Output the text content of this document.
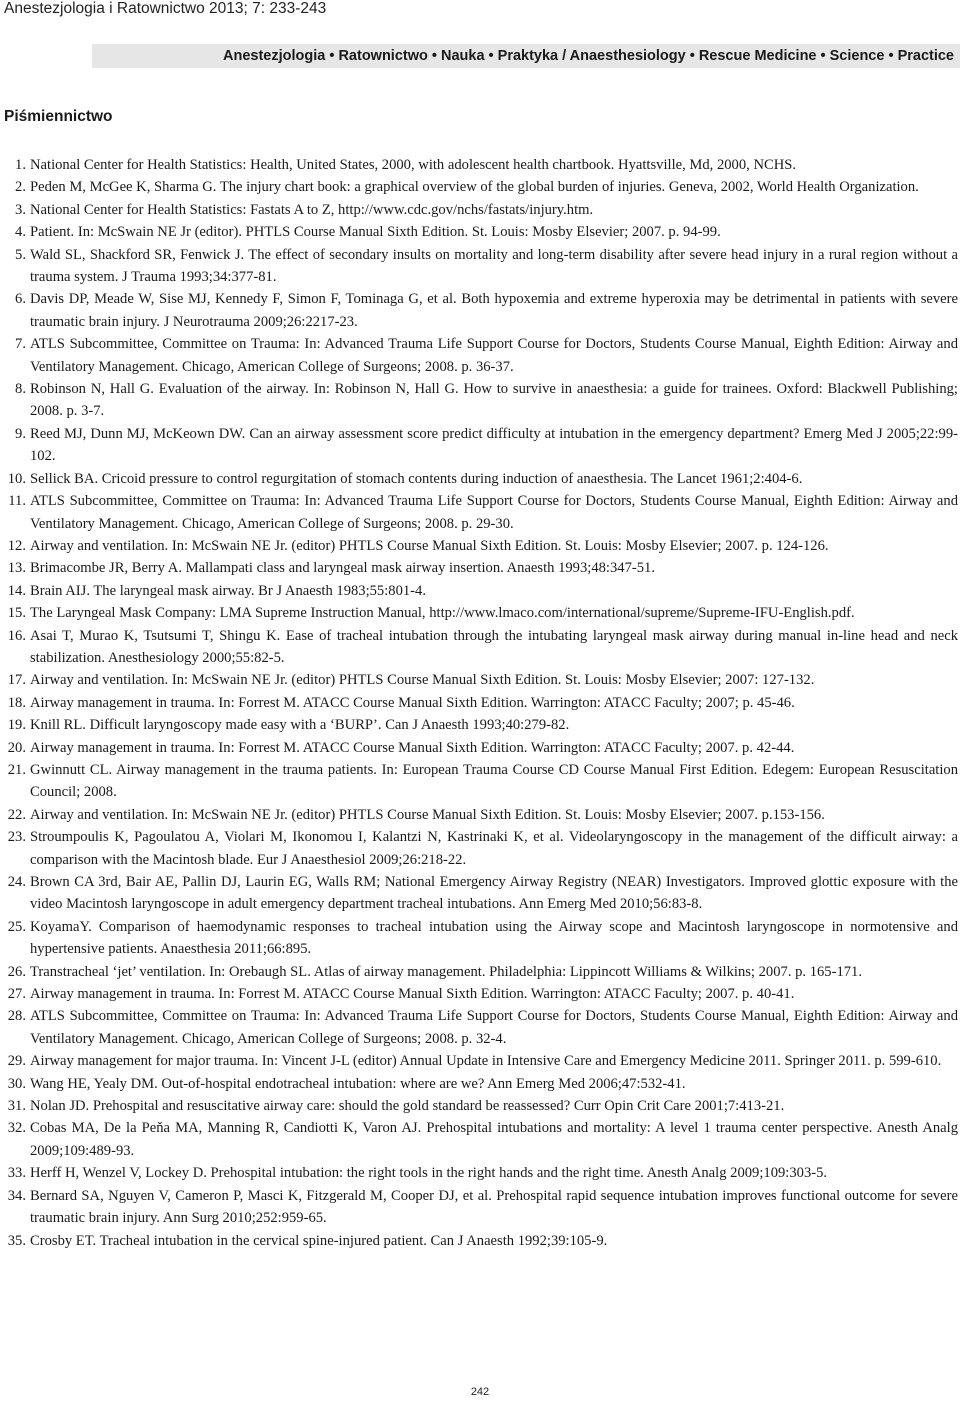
Anestezjologia i Ratownictwo 2013; 7: 233-243
Anestezjologia • Ratownictwo • Nauka • Praktyka / Anaesthesiology • Rescue Medicine • Science • Practice
Piśmiennictwo
1. National Center for Health Statistics: Health, United States, 2000, with adolescent health chartbook. Hyattsville, Md, 2000, NCHS.
2. Peden M, McGee K, Sharma G. The injury chart book: a graphical overview of the global burden of injuries. Geneva, 2002, World Health Organization.
3. National Center for Health Statistics: Fastats A to Z, http://www.cdc.gov/nchs/fastats/injury.htm.
4. Patient. In: McSwain NE Jr (editor). PHTLS Course Manual Sixth Edition. St. Louis: Mosby Elsevier; 2007. p. 94-99.
5. Wald SL, Shackford SR, Fenwick J. The effect of secondary insults on mortality and long-term disability after severe head injury in a rural region without a trauma system. J Trauma 1993;34:377-81.
6. Davis DP, Meade W, Sise MJ, Kennedy F, Simon F, Tominaga G, et al. Both hypoxemia and extreme hyperoxia may be detrimental in patients with severe traumatic brain injury. J Neurotrauma 2009;26:2217-23.
7. ATLS Subcommittee, Committee on Trauma: In: Advanced Trauma Life Support Course for Doctors, Students Course Manual, Eighth Edition: Airway and Ventilatory Management. Chicago, American College of Surgeons; 2008. p. 36-37.
8. Robinson N, Hall G. Evaluation of the airway. In: Robinson N, Hall G. How to survive in anaesthesia: a guide for trainees. Oxford: Blackwell Publishing; 2008. p. 3-7.
9. Reed MJ, Dunn MJ, McKeown DW. Can an airway assessment score predict difficulty at intubation in the emergency department? Emerg Med J 2005;22:99-102.
10. Sellick BA. Cricoid pressure to control regurgitation of stomach contents during induction of anaesthesia. The Lancet 1961;2:404-6.
11. ATLS Subcommittee, Committee on Trauma: In: Advanced Trauma Life Support Course for Doctors, Students Course Manual, Eighth Edition: Airway and Ventilatory Management. Chicago, American College of Surgeons; 2008. p. 29-30.
12. Airway and ventilation. In: McSwain NE Jr. (editor) PHTLS Course Manual Sixth Edition. St. Louis: Mosby Elsevier; 2007. p. 124-126.
13. Brimacombe JR, Berry A. Mallampati class and laryngeal mask airway insertion. Anaesth 1993;48:347-51.
14. Brain AIJ. The laryngeal mask airway. Br J Anaesth 1983;55:801-4.
15. The Laryngeal Mask Company: LMA Supreme Instruction Manual, http://www.lmaco.com/international/supreme/Supreme-IFU-English.pdf.
16. Asai T, Murao K, Tsutsumi T, Shingu K. Ease of tracheal intubation through the intubating laryngeal mask airway during manual in-line head and neck stabilization. Anesthesiology 2000;55:82-5.
17. Airway and ventilation. In: McSwain NE Jr. (editor) PHTLS Course Manual Sixth Edition. St. Louis: Mosby Elsevier; 2007: 127-132.
18. Airway management in trauma. In: Forrest M. ATACC Course Manual Sixth Edition. Warrington: ATACC Faculty; 2007; p. 45-46.
19. Knill RL. Difficult laryngoscopy made easy with a ‘BURP’. Can J Anaesth 1993;40:279-82.
20. Airway management in trauma. In: Forrest M. ATACC Course Manual Sixth Edition. Warrington: ATACC Faculty; 2007. p. 42-44.
21. Gwinnutt CL. Airway management in the trauma patients. In: European Trauma Course CD Course Manual First Edition. Edegem: European Resuscitation Council; 2008.
22. Airway and ventilation. In: McSwain NE Jr. (editor) PHTLS Course Manual Sixth Edition. St. Louis: Mosby Elsevier; 2007. p.153-156.
23. Stroumpoulis K, Pagoulatou A, Violari M, Ikonomou I, Kalantzi N, Kastrinaki K, et al. Videolaryngoscopy in the management of the difficult airway: a comparison with the Macintosh blade. Eur J Anaesthesiol 2009;26:218-22.
24. Brown CA 3rd, Bair AE, Pallin DJ, Laurin EG, Walls RM; National Emergency Airway Registry (NEAR) Investigators. Improved glottic exposure with the video Macintosh laryngoscope in adult emergency department tracheal intubations. Ann Emerg Med 2010;56:83-8.
25. KoyamaY. Comparison of haemodynamic responses to tracheal intubation using the Airway scope and Macintosh laryngoscope in normotensive and hypertensive patients. Anaesthesia 2011;66:895.
26. Transtracheal ‘jet’ ventilation. In: Orebaugh SL. Atlas of airway management. Philadelphia: Lippincott Williams & Wilkins; 2007. p. 165-171.
27. Airway management in trauma. In: Forrest M. ATACC Course Manual Sixth Edition. Warrington: ATACC Faculty; 2007. p. 40-41.
28. ATLS Subcommittee, Committee on Trauma: In: Advanced Trauma Life Support Course for Doctors, Students Course Manual, Eighth Edition: Airway and Ventilatory Management. Chicago, American College of Surgeons; 2008. p. 32-4.
29. Airway management for major trauma. In: Vincent J-L (editor) Annual Update in Intensive Care and Emergency Medicine 2011. Springer 2011. p. 599-610.
30. Wang HE, Yealy DM. Out-of-hospital endotracheal intubation: where are we? Ann Emerg Med 2006;47:532-41.
31. Nolan JD. Prehospital and resuscitative airway care: should the gold standard be reassessed? Curr Opin Crit Care 2001;7:413-21.
32. Cobas MA, De la Peňa MA, Manning R, Candiotti K, Varon AJ. Prehospital intubations and mortality: A level 1 trauma center perspective. Anesth Analg 2009;109:489-93.
33. Herff H, Wenzel V, Lockey D. Prehospital intubation: the right tools in the right hands and the right time. Anesth Analg 2009;109:303-5.
34. Bernard SA, Nguyen V, Cameron P, Masci K, Fitzgerald M, Cooper DJ, et al. Prehospital rapid sequence intubation improves functional outcome for severe traumatic brain injury. Ann Surg 2010;252:959-65.
35. Crosby ET. Tracheal intubation in the cervical spine-injured patient. Can J Anaesth 1992;39:105-9.
242
